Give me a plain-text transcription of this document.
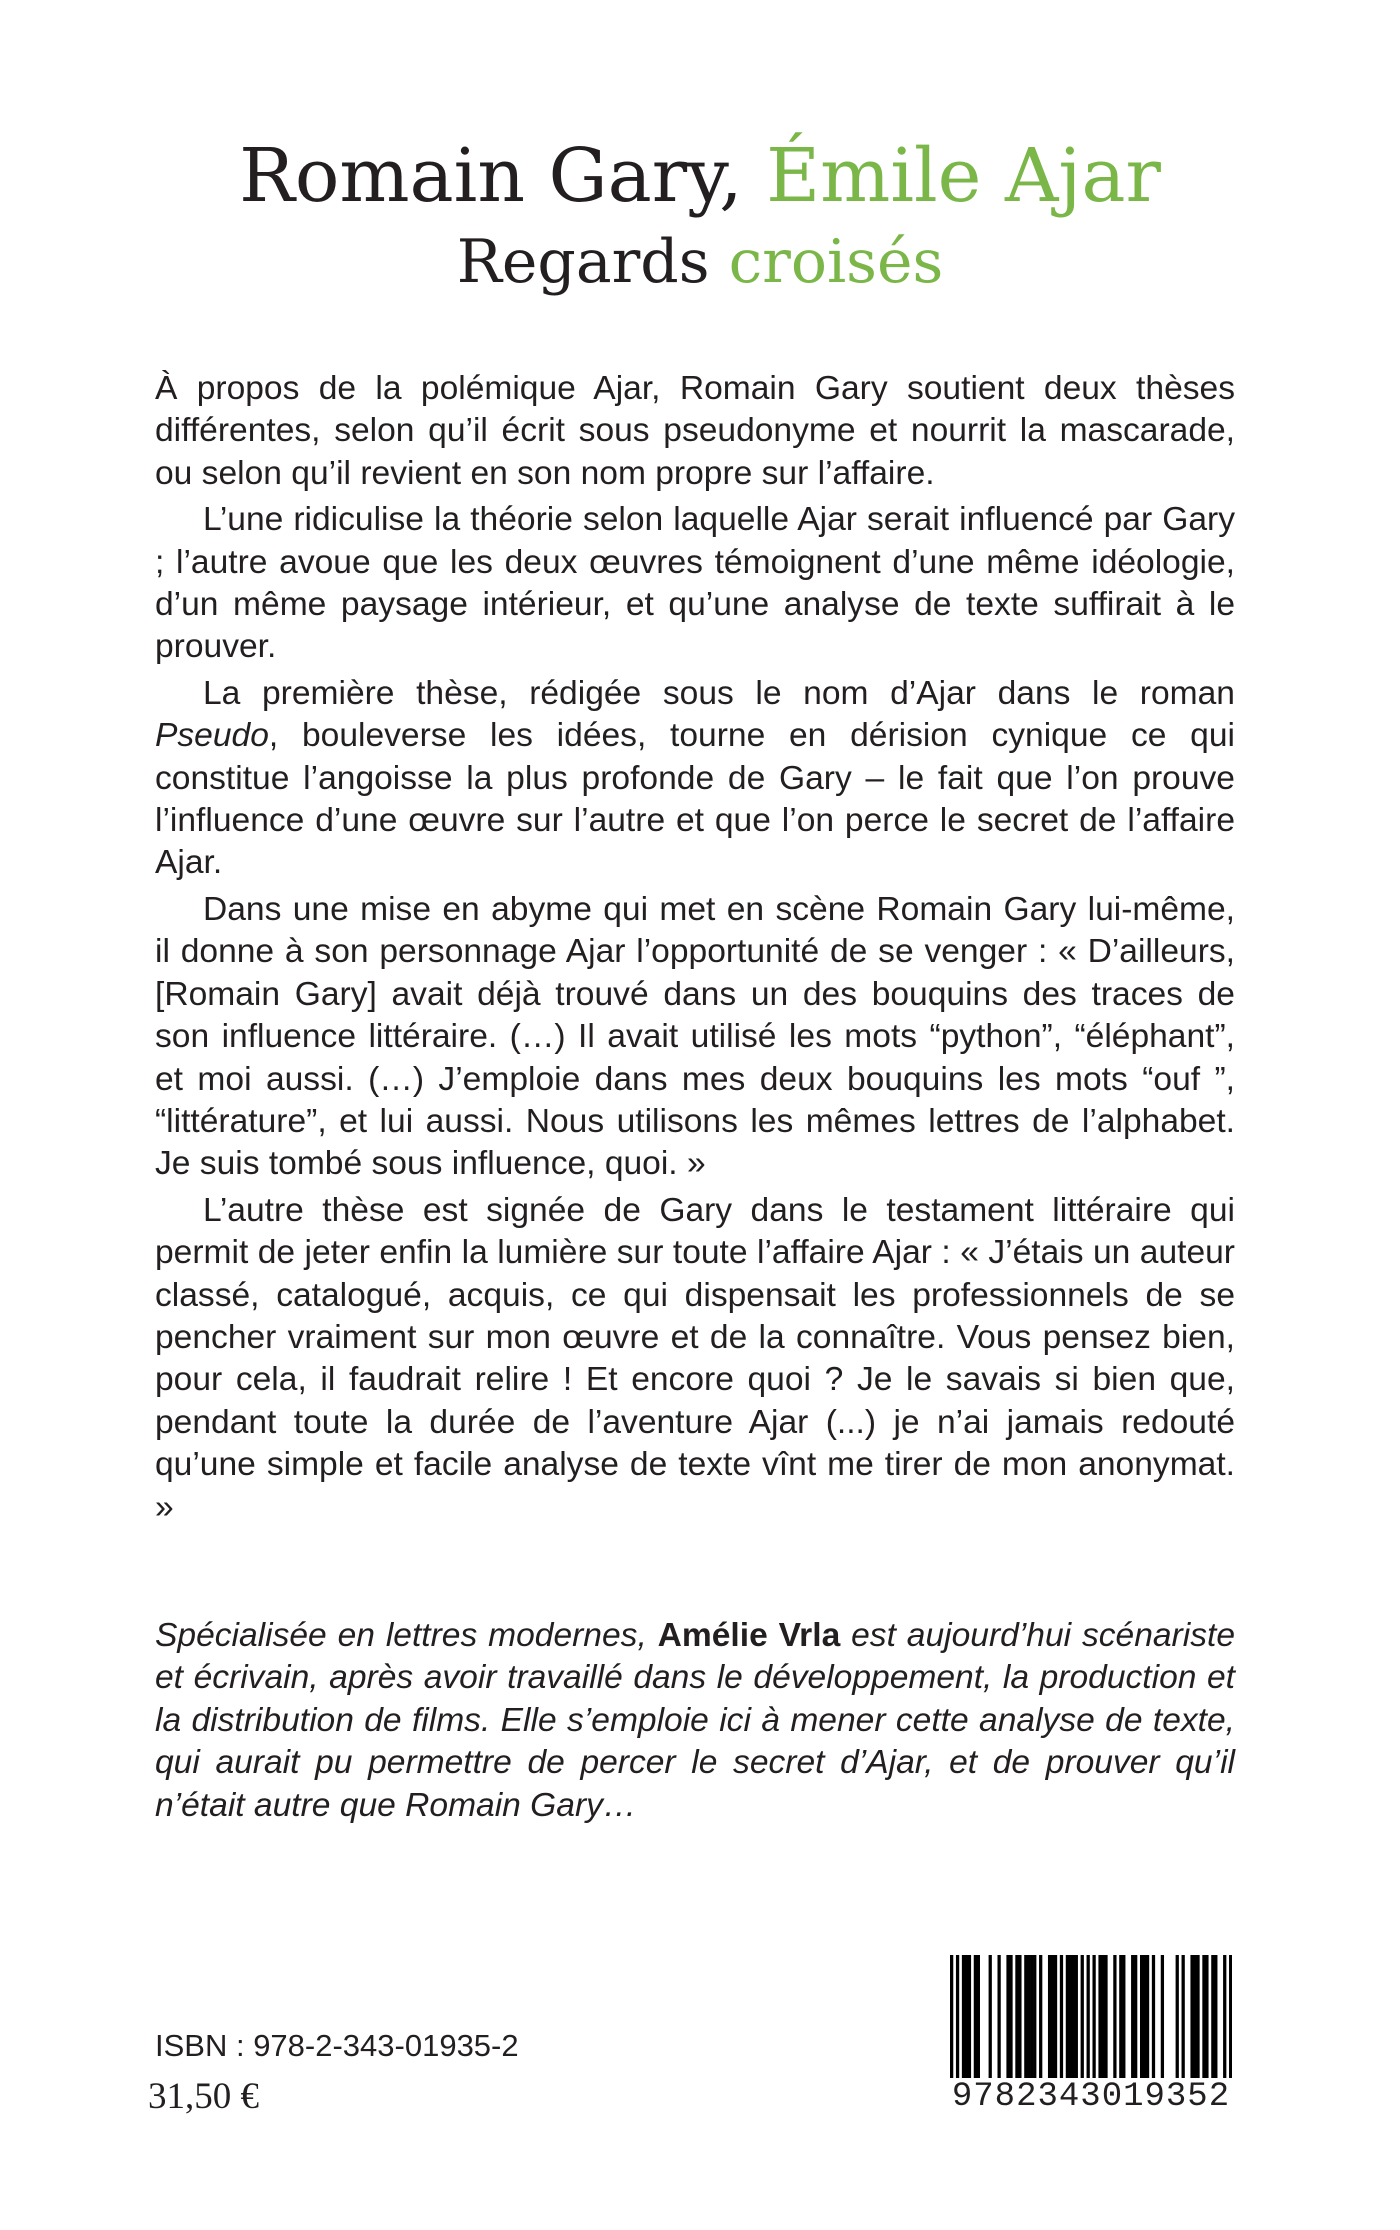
Romain Gary, Émile Ajar
Regards croisés

À propos de la polémique Ajar, Romain Gary soutient deux thèses différentes, selon qu’il écrit sous pseudonyme et nourrit la mascarade, ou selon qu’il revient en son nom propre sur l’affaire.

L’une ridiculise la théorie selon laquelle Ajar serait influencé par Gary ; l’autre avoue que les deux œuvres témoignent d’une même idéologie, d’un même paysage intérieur, et qu’une analyse de texte suffirait à le prouver.

La première thèse, rédigée sous le nom d’Ajar dans le roman Pseudo, bouleverse les idées, tourne en dérision cynique ce qui constitue l’angoisse la plus profonde de Gary – le fait que l’on prouve l’influence d’une œuvre sur l’autre et que l’on perce le secret de l’affaire Ajar.

Dans une mise en abyme qui met en scène Romain Gary lui-même, il donne à son personnage Ajar l’opportunité de se venger : « D’ailleurs, [Romain Gary] avait déjà trouvé dans un des bouquins des traces de son influence littéraire. (…) Il avait utilisé les mots “python”, “éléphant”, et moi aussi. (…) J’emploie dans mes deux bouquins les mots “ouf ”, “littérature”, et lui aussi. Nous utilisons les mêmes lettres de l’alphabet. Je suis tombé sous influence, quoi. »

L’autre thèse est signée de Gary dans le testament littéraire qui permit de jeter enfin la lumière sur toute l’affaire Ajar : « J’étais un auteur classé, catalogué, acquis, ce qui dispensait les professionnels de se pencher vraiment sur mon œuvre et de la connaître. Vous pensez bien, pour cela, il faudrait relire ! Et encore quoi ? Je le savais si bien que, pendant toute la durée de l’aventure Ajar (...) je n’ai jamais redouté qu’une simple et facile analyse de texte vînt me tirer de mon anonymat. »

Spécialisée en lettres modernes, Amélie Vrla est aujourd’hui scénariste et écrivain, après avoir travaillé dans le développement, la production et la distribution de films. Elle s’emploie ici à mener cette analyse de texte, qui aurait pu permettre de percer le secret d’Ajar, et de prouver qu’il n’était autre que Romain Gary…
ISBN : 978-2-343-01935-2
31,50 €	9782343019352
